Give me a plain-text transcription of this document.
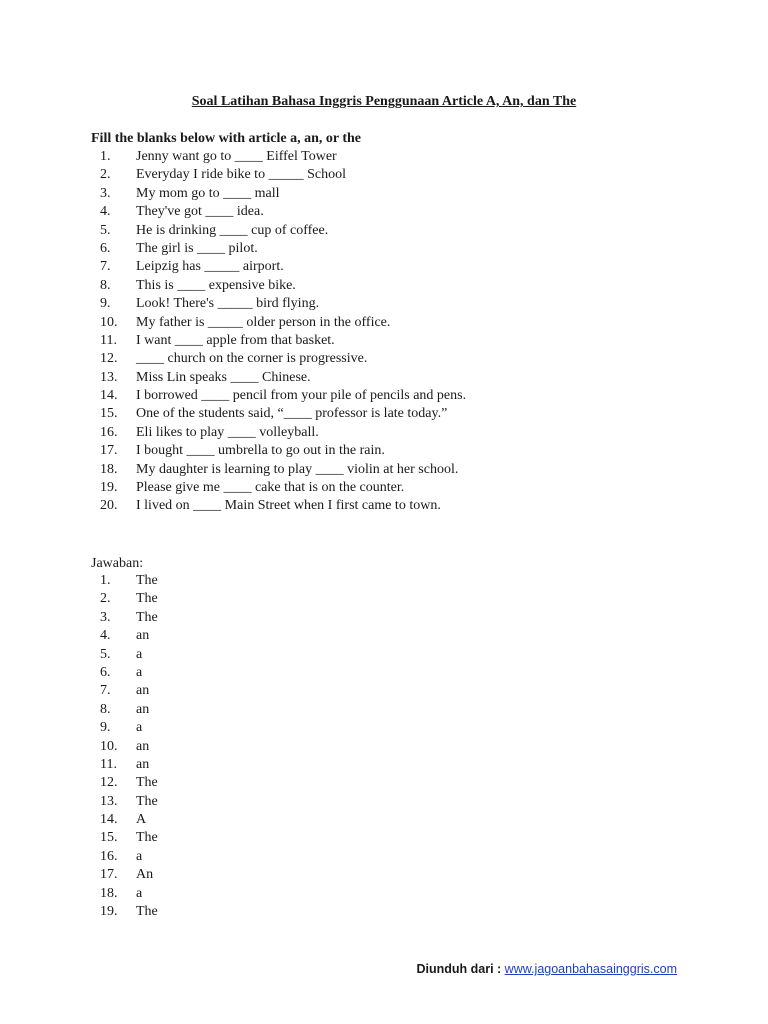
Soal Latihan Bahasa Inggris Penggunaan Article A, An, dan The
Fill the blanks below with article a, an, or the
1.	Jenny want go to ____ Eiffel Tower
2.	Everyday I ride bike to _____ School
3.	My mom go to ____ mall
4.	They've got ____ idea.
5.	He is drinking ____ cup of coffee.
6.	The girl is ____ pilot.
7.	Leipzig has _____ airport.
8.	This is ____ expensive bike.
9.	Look! There's _____ bird flying.
10.	My father is _____ older person in the office.
11.	I want ____ apple from that basket.
12.	____ church on the corner is progressive.
13.	Miss Lin speaks ____ Chinese.
14.	I borrowed ____ pencil from your pile of pencils and pens.
15.	One of the students said, “____ professor is late today.”
16.	Eli likes to play ____ volleyball.
17.	I bought ____ umbrella to go out in the rain.
18.	My daughter is learning to play ____ violin at her school.
19.	Please give me ____ cake that is on the counter.
20.	I lived on ____ Main Street when I first came to town.
Jawaban:
1.	The
2.	The
3.	The
4.	an
5.	a
6.	a
7.	an
8.	an
9.	a
10.	an
11.	an
12.	The
13.	The
14.	A
15.	The
16.	a
17.	An
18.	a
19.	The
Diunduh dari : www.jagoanbahasainggris.com
